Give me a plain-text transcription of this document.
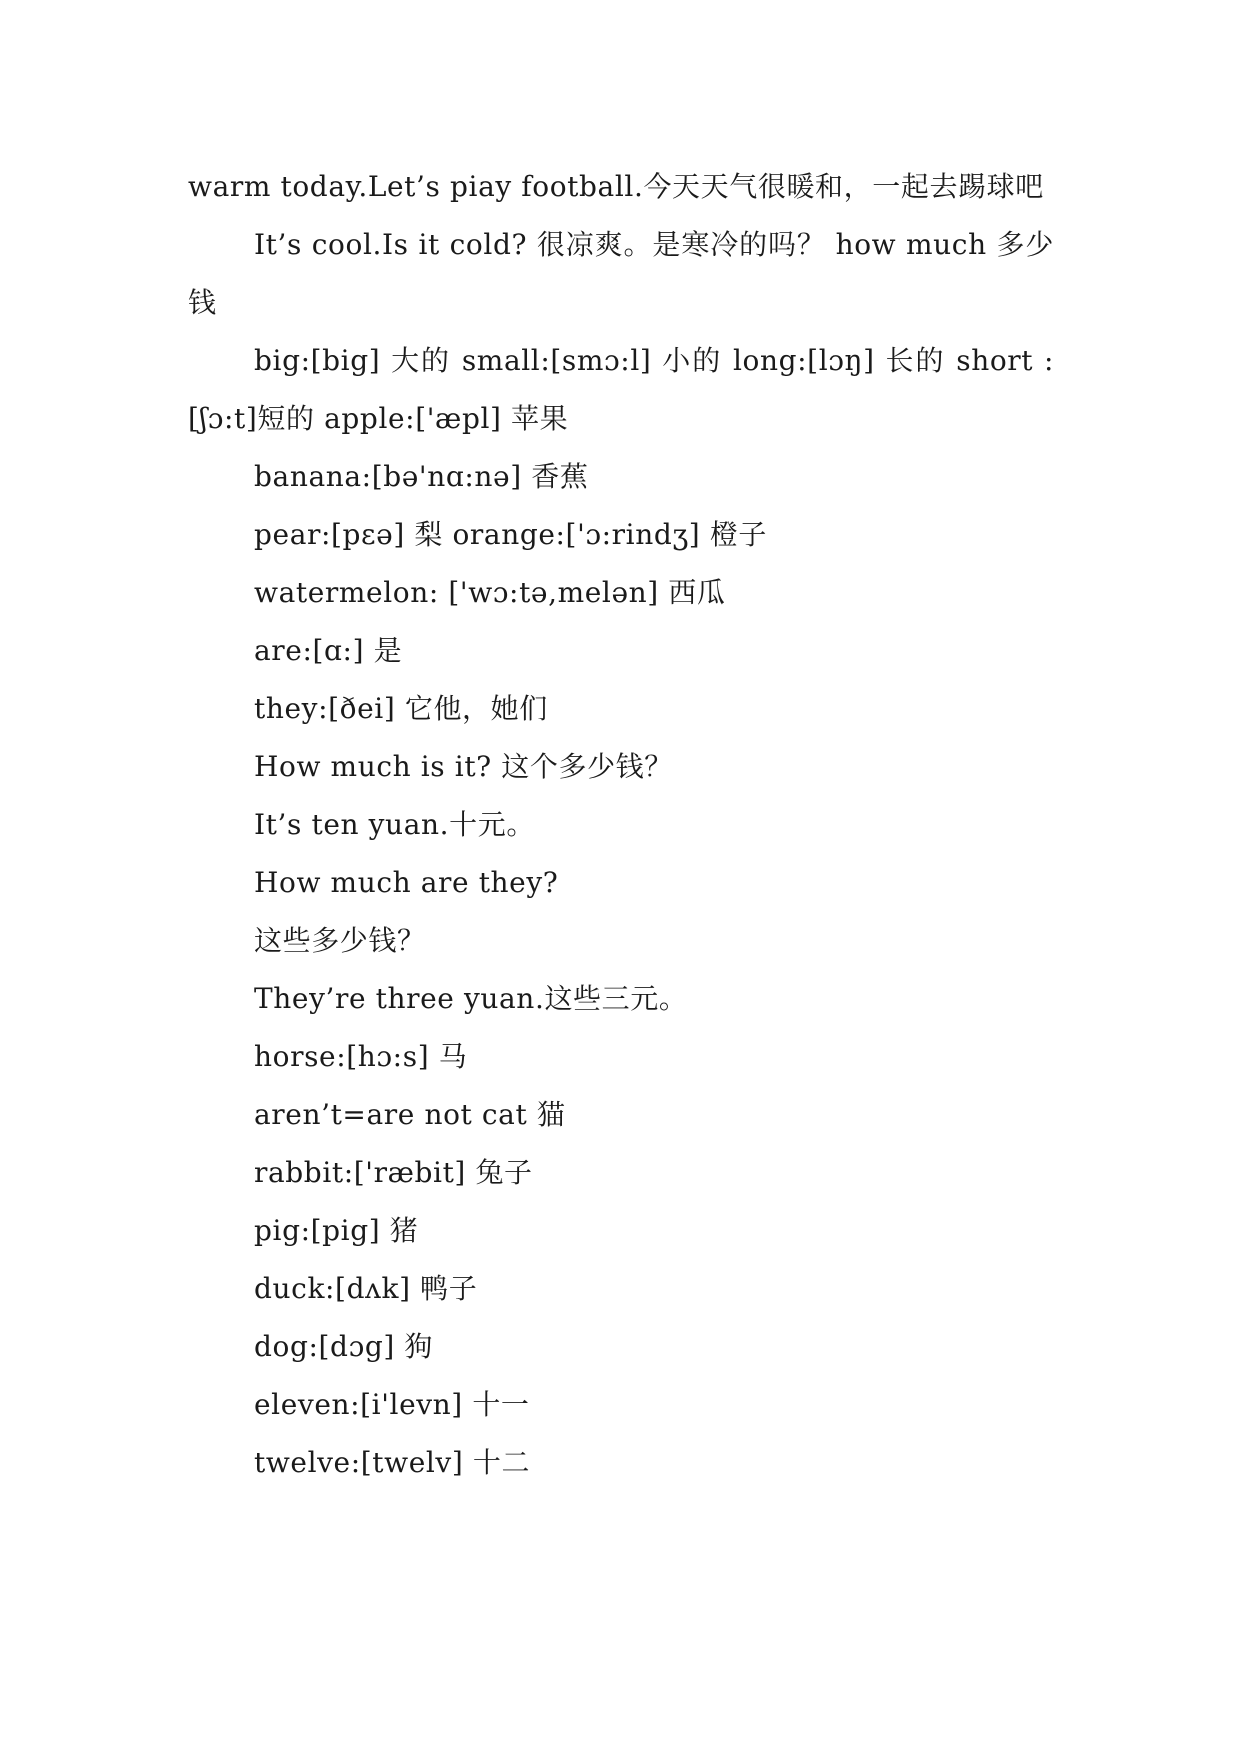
warm today.Let’s piay football.今天天气很暖和，一起去踢球吧

It’s cool.Is it cold? 很凉爽。是寒冷的吗？ how much 多少钱

big:[big] 大的 small:[smɔ:l] 小的 long:[lɔŋ] 长的 short :[ʃɔ:t]短的 apple:['æpl] 苹果

banana:[bə'nɑ:nə] 香蕉

pear:[pεə] 梨 orange:['ɔ:rindʒ] 橙子

watermelon: ['wɔ:tə,melən] 西瓜

are:[ɑ:] 是

they:[ðei] 它他，她们

How much is it? 这个多少钱？

It’s ten yuan.十元。

How much are they?

这些多少钱？

They’re three yuan.这些三元。

horse:[hɔ:s] 马

aren’t=are not cat 猫

rabbit:['ræbit] 兔子

pig:[pig] 猪

duck:[dʌk] 鸭子

dog:[dɔg] 狗

eleven:[i'levn] 十一

twelve:[twelv] 十二
